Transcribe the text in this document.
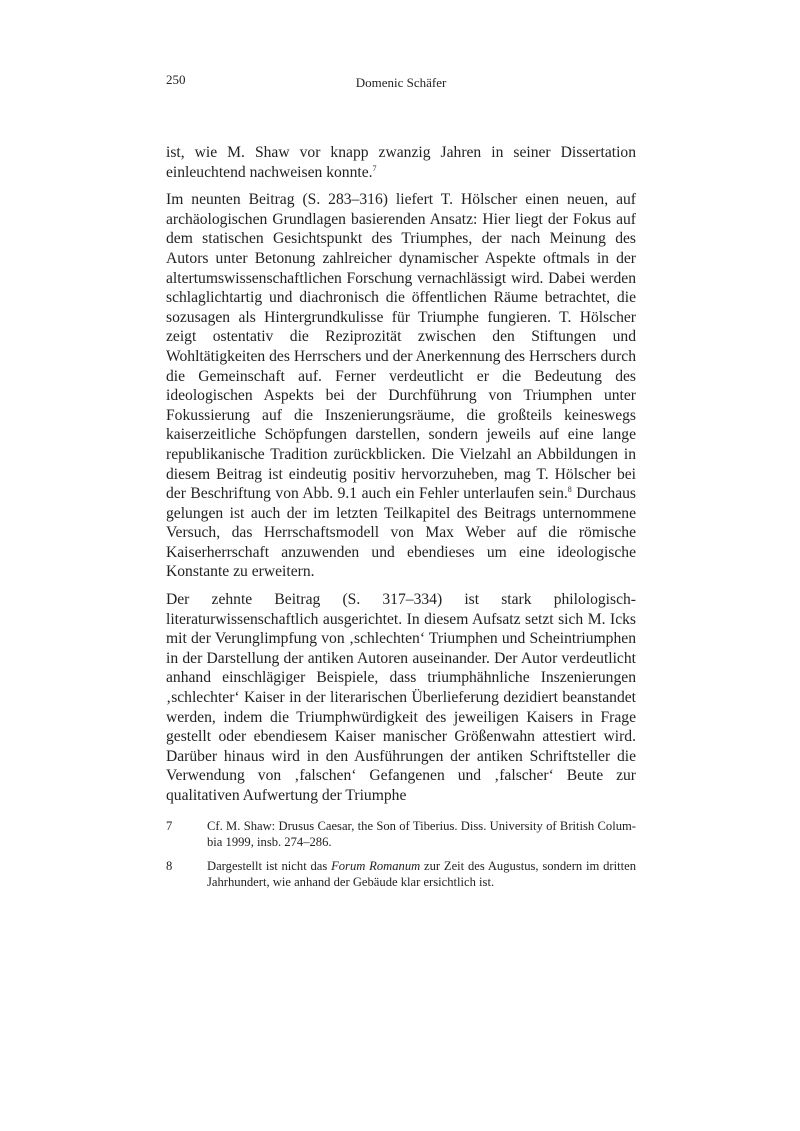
250	Domenic Schäfer

ist, wie M. Shaw vor knapp zwanzig Jahren in seiner Dissertation einleuchtend nachweisen konnte.$^7$

Im neunten Beitrag (S. 283–316) liefert T. Hölscher einen neuen, auf archäologischen Grundlagen basierenden Ansatz: Hier liegt der Fokus auf dem statischen Gesichtspunkt des Triumphes, der nach Meinung des Autors unter Betonung zahlreicher dynamischer Aspekte oftmals in der altertumswissenschaftlichen Forschung vernachlässigt wird. Dabei werden schlaglichtartig und diachronisch die öffentlichen Räume betrachtet, die sozusagen als Hintergrundkulisse für Triumphe fungieren. T. Hölscher zeigt ostentativ die Reziprozität zwischen den Stiftungen und Wohltätigkeiten des Herrschers und der Anerkennung des Herrschers durch die Gemeinschaft auf. Ferner verdeutlicht er die Bedeutung des ideologischen Aspekts bei der Durchführung von Triumphen unter Fokussierung auf die Inszenierungsräume, die großteils keineswegs kaiserzeitliche Schöpfungen darstellen, sondern jeweils auf eine lange republikanische Tradition zurückblicken. Die Vielzahl an Abbildungen in diesem Beitrag ist eindeutig positiv hervorzuheben, mag T. Hölscher bei der Beschriftung von Abb. 9.1 auch ein Fehler unterlaufen sein.$^8$ Durchaus gelungen ist auch der im letzten Teilkapitel des Beitrags unternommene Versuch, das Herrschaftsmodell von Max Weber auf die römische Kaiserherrschaft anzuwenden und ebendieses um eine ideologische Konstante zu erweitern.

Der zehnte Beitrag (S. 317–334) ist stark philologisch-literaturwissenschaftlich ausgerichtet. In diesem Aufsatz setzt sich M. Icks mit der Verunglimpfung von ‚schlechten‘ Triumphen und Scheintriumphen in der Darstellung der antiken Autoren auseinander. Der Autor verdeutlicht anhand einschlägiger Beispiele, dass triumphähnliche Inszenierungen ‚schlechter‘ Kaiser in der literarischen Überlieferung dezidiert beanstandet werden, indem die Triumphwürdigkeit des jeweiligen Kaisers in Frage gestellt oder ebendiesem Kaiser manischer Größenwahn attestiert wird. Darüber hinaus wird in den Ausführungen der antiken Schriftsteller die Verwendung von ‚falschen‘ Gefangenen und ‚falscher‘ Beute zur qualitativen Aufwertung der Triumphe

7	Cf. M. Shaw: Drusus Caesar, the Son of Tiberius. Diss. University of British Columbia 1999, insb. 274–286.
8	Dargestellt ist nicht das Forum Romanum zur Zeit des Augustus, sondern im dritten Jahrhundert, wie anhand der Gebäude klar ersichtlich ist.
